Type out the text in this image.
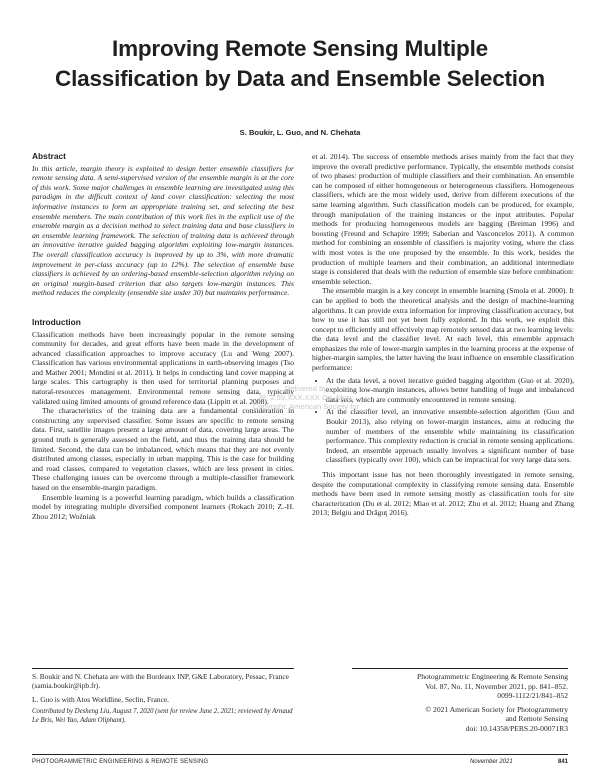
Improving Remote Sensing Multiple Classification by Data and Ensemble Selection
S. Boukir, L. Guo, and N. Chehata
Abstract

In this article, margin theory is exploited to design better ensemble classifiers for remote sensing data. A semi-supervised version of the ensemble margin is at the core of this work. Some major challenges in ensemble learning are investigated using this paradigm in the difficult context of land cover classification: selecting the most informative instances to form an appropriate training set, and selecting the best ensemble members. The main contribution of this work lies in the explicit use of the ensemble margin as a decision method to select training data and base classifiers in an ensemble learning framework. The selection of training data is achieved through an innovative iterative guided bagging algorithm exploiting low-margin instances. The overall classification accuracy is improved by up to 3%, with more dramatic improvement in per-class accuracy (up to 12%). The selection of ensemble base classifiers is achieved by an ordering-based ensemble-selection algorithm relying on an original margin-based criterion that also targets low-margin instances. This method reduces the complexity (ensemble size under 30) but maintains performance.

Introduction

Classification methods have been increasingly popular in the remote sensing community for decades, and great efforts have been made in the development of advanced classification approaches to improve accuracy (Lu and Weng 2007). Classification has various environmental applications in earth-observing images (Tso and Mather 2001; Mondini et al. 2011). It helps in conducting land cover mapping at large scales. This cartography is then used for territorial planning purposes and natural-resources management. Environmental remote sensing data, typically validated using limited amounts of ground reference data (Lippitt et al. 2008).

The characteristics of the training data are a fundamental consideration in constructing any supervised classifier. Some issues are specific to remote sensing data. First, satellite images present a large amount of data, covering large areas. The ground truth is generally assessed on the field, and thus the training data should be limited. Second, the data can be imbalanced, which means that they are not evenly distributed among classes, especially in urban mapping. This is the case for building and road classes, compared to vegetation classes, which are less present in cities. These challenging issues can be overcome through a multiple-classifier framework based on the ensemble-margin paradigm.

Ensemble learning is a powerful learning paradigm, which builds a classification model by integrating multiple diversified component learners (Rokach 2010; Z.-H. Zhou 2012; Woźniak

et al. 2014). The success of ensemble methods arises mainly from the fact that they improve the overall predictive performance. Typically, the ensemble methods consist of two phases: production of multiple classifiers and their combination. An ensemble can be composed of either homogeneous or heterogeneous classifiers. Homogeneous classifiers, which are the most widely used, derive from different executions of the same learning algorithm. Such classification models can be produced, for example, through manipulation of the training instances or the input attributes. Popular methods for producing homogeneous models are bagging (Breiman 1996) and boosting (Freund and Schapire 1999; Saberian and Vasconcelos 2011). A common method for combining an ensemble of classifiers is majority voting, where the class with most votes is the one proposed by the ensemble. In this work, besides the production of multiple learners and their combination, an additional intermediate stage is considered that deals with the reduction of ensemble size before combination: ensemble selection.

The ensemble margin is a key concept in ensemble learning (Smola et al. 2000). It can be applied to both the theoretical analysis and the design of machine-learning algorithms. It can provide extra information for improving classification accuracy, but how to use it has still not yet been fully explored. In this work, we exploit this concept to efficiently and effectively map remotely sensed data at two learning levels: the data level and the classifier level. At each level, this ensemble approach emphasizes the role of lower-margin samples in the learning process at the expense of higher-margin samples, the latter having the least influence on ensemble classification performance:

• At the data level, a novel iterative guided bagging algorithm (Guo et al. 2020), exploiting low-margin instances, allows better handling of huge and imbalanced data sets, which are commonly encountered in remote sensing.
• At the classifier level, an innovative ensemble-selection algorithm (Guo and Boukir 2013), also relying on lower-margin instances, aims at reducing the number of members of the ensemble while maintaining its classification performance. This complexity reduction is crucial in remote sensing applications. Indeed, an ensemble approach usually involves a significant number of base classifiers (typically over 100), which can be impractical for very large data sets.

This important issue has not been thoroughly investigated in remote sensing, despite the computational complexity in classifying remote sensing data. Ensemble methods have been used in remote sensing mostly as classification tools for site characterization (Du et al. 2012; Miao et al. 2012; Zhu et al. 2012; Huang and Zhang 2013; Belgiu and Drăguţ 2016).

Delivered by
IP: 2.59.XXX.XXX On: Mon,
Copyright: American Society for

S. Boukir and N. Chehata are with the Bordeaux INP, G&E Laboratory, Pessac, France (samia.boukir@ipb.fr).

L. Guo is with Atos Worldline, Seclin, France.

Contributed by Desheng Liu, August 7, 2020 (sent for review June 2, 2021; reviewed by Arnaud Le Bris, Wei Yao, Adam Oliphant).

Photogrammetric Engineering & Remote Sensing

Vol. 87, No. 11, November 2021, pp. 841–852.

0099-1112/21/841–852

© 2021 American Society for Photogrammetry

and Remote Sensing

doi: 10.14358/PERS.20-00071R3

PHOTOGRAMMETRIC ENGINEERING & REMOTE SENSING	November 2021	841
